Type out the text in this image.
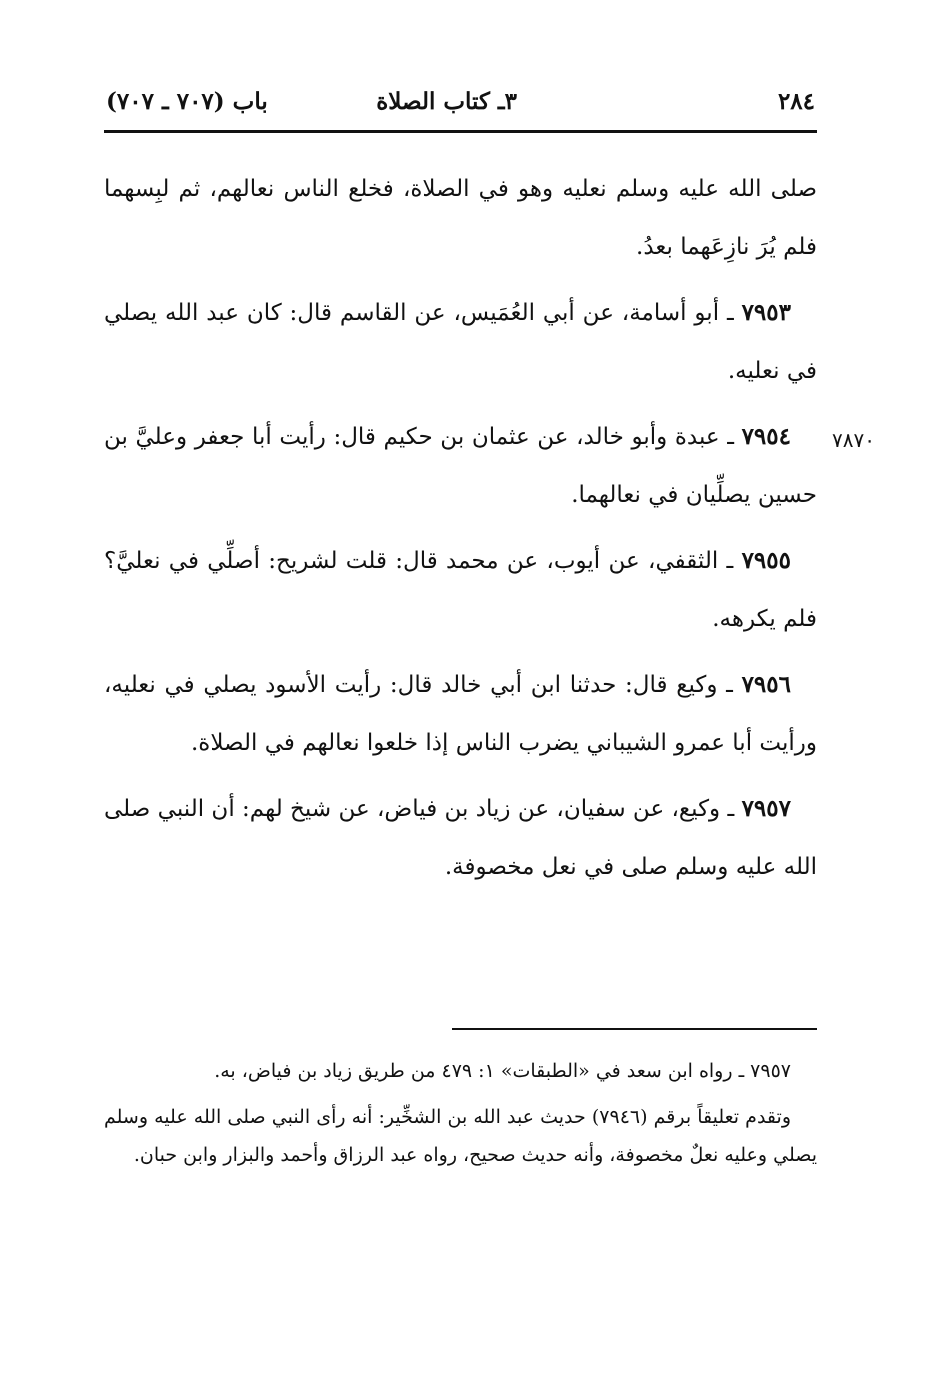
٢٨٤
٣ـ كتاب الصلاة
باب (٧٠٧ ـ ٧٠٧)
٧٨٧٠

صلى الله عليه وسلم نعليه وهو في الصلاة، فخلع الناس نعالهم، ثم لبِسهما فلم يُرَ نازِعَهما بعدُ.

٧٩٥٣ ـ أبو أسامة، عن أبي العُمَيس، عن القاسم قال: كان عبد الله يصلي في نعليه.

٧٩٥٤ ـ عبدة وأبو خالد، عن عثمان بن حكيم قال: رأيت أبا جعفر وعليَّ بن حسين يصلِّيان في نعالهما.

٧٩٥٥ ـ الثقفي، عن أيوب، عن محمد قال: قلت لشريح: أصلِّي في نعليَّ؟ فلم يكرهه.

٧٩٥٦ ـ وكيع قال: حدثنا ابن أبي خالد قال: رأيت الأسود يصلي في نعليه، ورأيت أبا عمرو الشيباني يضرب الناس إذا خلعوا نعالهم في الصلاة.

٧٩٥٧ ـ وكيع، عن سفيان، عن زياد بن فياض، عن شيخ لهم: أن النبي صلى الله عليه وسلم صلى في نعل مخصوفة.

٧٩٥٧ ـ رواه ابن سعد في «الطبقات» ١: ٤٧٩ من طريق زياد بن فياض، به.

وتقدم تعليقاً برقم (٧٩٤٦) حديث عبد الله بن الشخِّير: أنه رأى النبي صلى الله عليه وسلم يصلي وعليه نعلٌ مخصوفة، وأنه حديث صحيح، رواه عبد الرزاق وأحمد والبزار وابن حبان.
